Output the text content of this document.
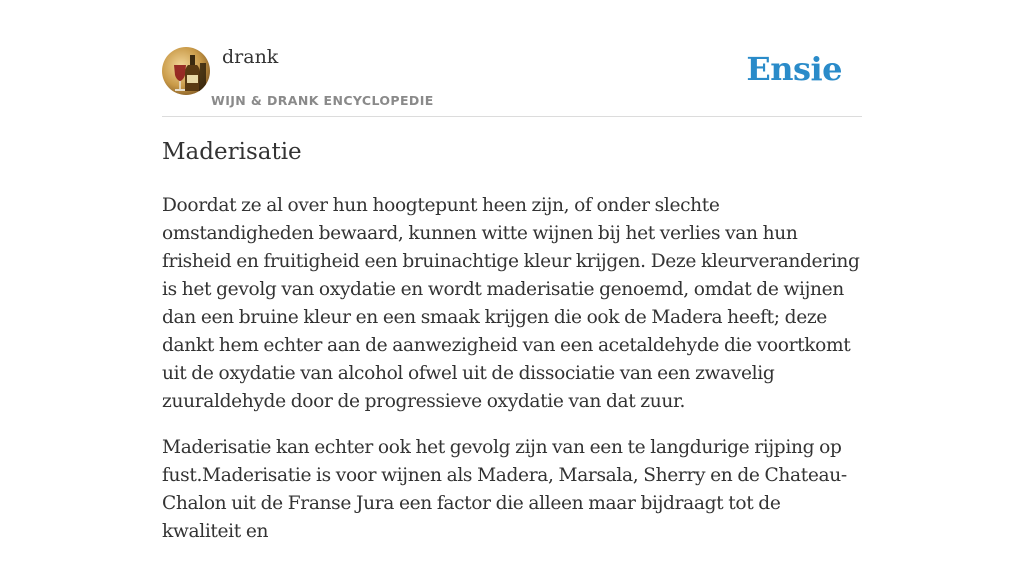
drank
WIJN & DRANK ENCYCLOPEDIE
Ensie
Maderisatie

Doordat ze al over hun hoogtepunt heen zijn, of onder slechte omstandigheden bewaard, kunnen witte wijnen bij het verlies van hun frisheid en fruitigheid een bruinachtige kleur krijgen. Deze kleurverandering is het gevolg van oxydatie en wordt maderisatie genoemd, omdat de wijnen dan een bruine kleur en een smaak krijgen die ook de Madera heeft; deze dankt hem echter aan de aanwezigheid van een acetaldehyde die voortkomt uit de oxydatie van alcohol ofwel uit de dissociatie van een zwavelig zuuraldehyde door de progressieve oxydatie van dat zuur.

Maderisatie kan echter ook het gevolg zijn van een te langdurige rijping op fust.Maderisatie is voor wijnen als Madera, Marsala, Sherry en de Chateau-Chalon uit de Franse Jura een factor die alleen maar bijdraagt tot de kwaliteit en
